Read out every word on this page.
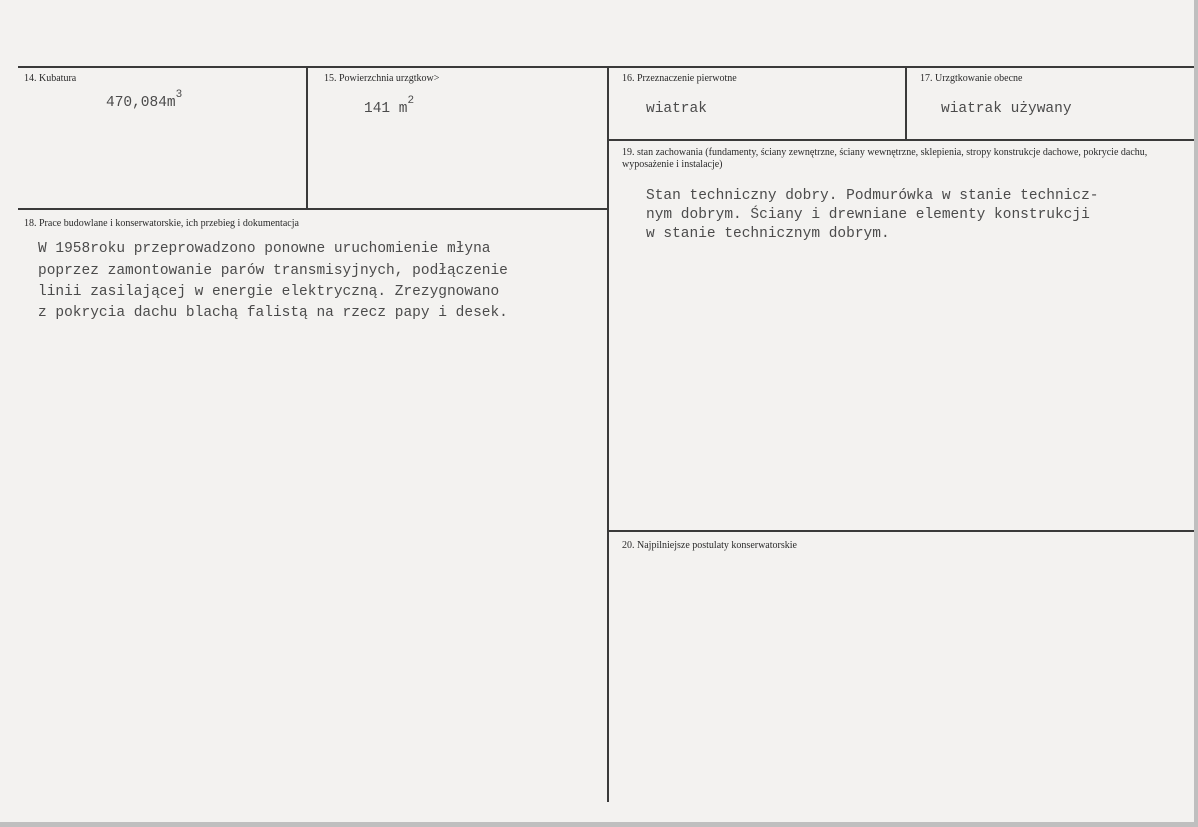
14. Kubatura
$470,084m^3$
15. Powierzchnia urzgtkow>
141 $m^2$
16. Przeznaczenie pierwotne
wiatrak
17. Urzgtkowanie obecne
wiatrak używany
18. Prace budowlane i konserwatorskie, ich przebieg i dokumentacja
W 1958roku przeprowadzono ponowne uruchomienie młyna
poprzez zamontowanie parów transmisyjnych, podłączenie
linii zasilającej w energie elektryczną. Zrezygnowano
z pokrycia dachu blachą falistą na rzecz papy i desek.
19. stan zachowania (fundamenty, ściany zewnętrzne, ściany wewnętrzne, sklepienia, stropy konstrukcje dachowe, pokrycie dachu, wyposażenie i instalacje)
Stan techniczny dobry. Podmurówka w stanie technicz-
nym dobrym. Ściany i drewniane elementy konstrukcji
w stanie technicznym dobrym.
20. Najpilniejsze postulaty konserwatorskie
